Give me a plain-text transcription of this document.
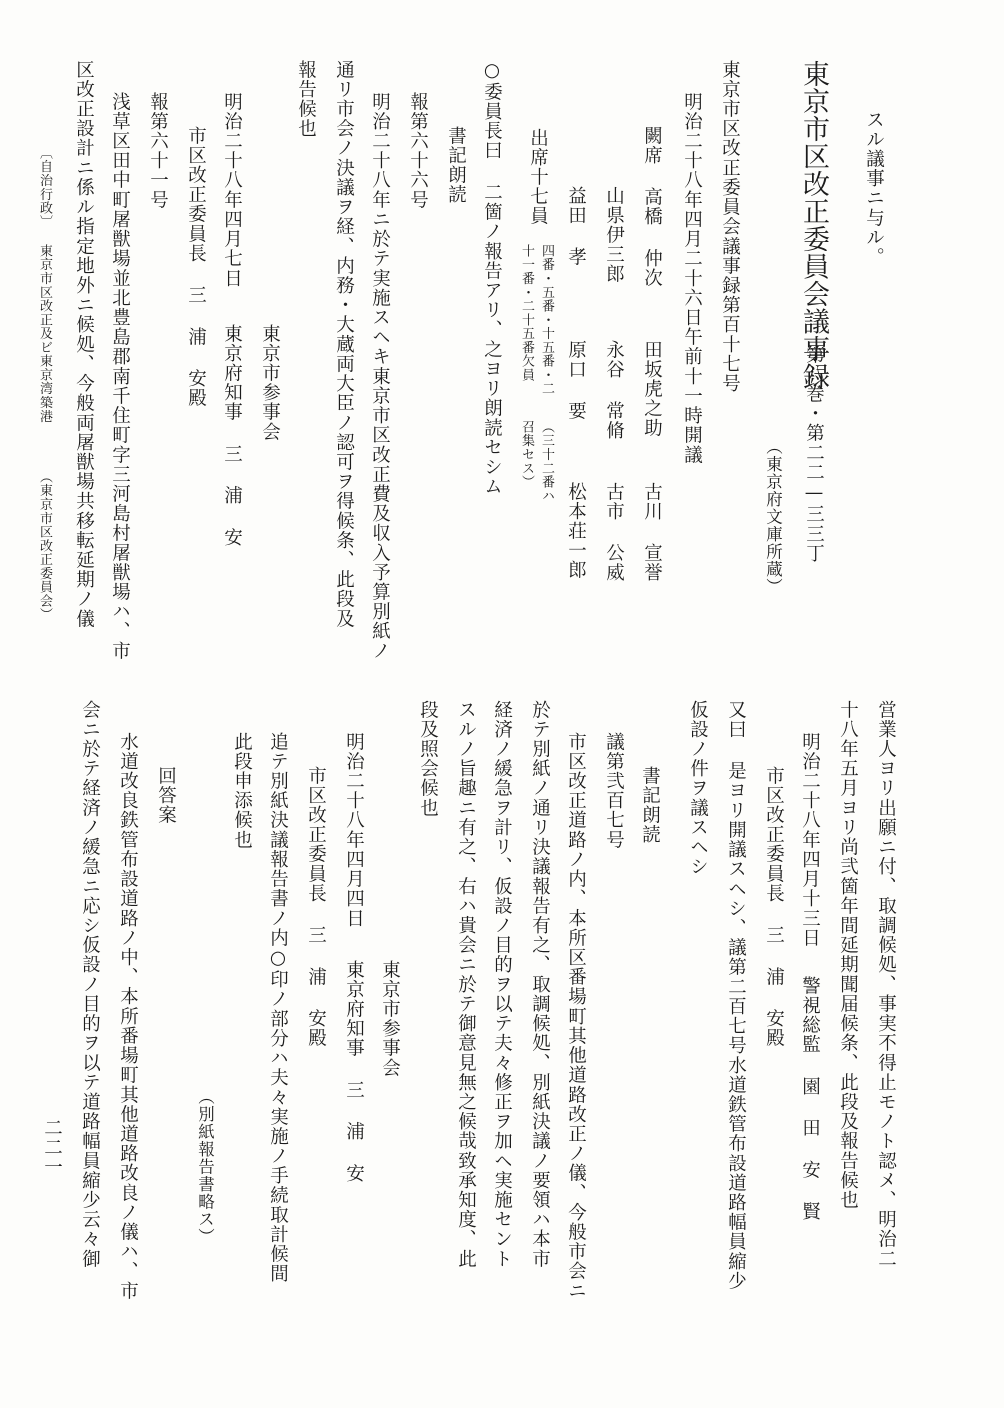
スル議事ニ与ル。
東京市区改正委員会議事録
第八巻・第二二—三三丁
（東京府文庫所蔵）
東京市区改正委員会議事録第百十七号
明治二十八年四月二十六日午前十一時開議
闕席 高橋 仲次
田坂虎之助
古川 宣誉
山県伊三郎
永谷 常脩
古市 公威
益田 孝
原口 要
松本荘一郎
出席十七員
四番・五番・十五番・二
十一番・二十五番欠員
（三十二番ハ
召集セス）
○委員長曰 二箇ノ報告アリ、之ヨリ朗読セシム
書記朗読
報第六十六号
明治二十八年ニ於テ実施スヘキ東京市区改正費及収入予算別紙ノ
通リ市会ノ決議ヲ経、内務・大蔵両大臣ノ認可ヲ得候条、此段及
報告候也
東京市参事会
明治二十八年四月七日
東京府知事 三 浦 安
市区改正委員長 三 浦 安殿
報第六十一号
浅草区田中町屠獣場並北豊島郡南千住町字三河島村屠獣場ハ、市
区改正設計ニ係ル指定地外ニ候処、今般両屠獣場共移転延期ノ儀
〔自治行政〕
東京市区改正及ビ東京湾築港
（東京市区改正委員会）
営業人ヨリ出願ニ付、取調候処、事実不得止モノト認メ、明治二
十八年五月ヨリ尚弐箇年間延期聞届候条、此段及報告候也
明治二十八年四月十三日
警視総監 園 田 安 賢
市区改正委員長 三 浦 安殿
又曰 是ヨリ開議スヘシ、議第二百七号水道鉄管布設道路幅員縮少
仮設ノ件ヲ議スヘシ
書記朗読
議第弐百七号
市区改正道路ノ内、本所区番場町其他道路改正ノ儀、今般市会ニ
於テ別紙ノ通リ決議報告有之、取調候処、別紙決議ノ要領ハ本市
経済ノ緩急ヲ計リ、仮設ノ目的ヲ以テ夫々修正ヲ加ヘ実施セント
スルノ旨趣ニ有之、右ハ貴会ニ於テ御意見無之候哉致承知度、此
段及照会候也
東京市参事会
明治二十八年四月四日
東京府知事 三 浦 安
市区改正委員長 三 浦 安殿
追テ別紙決議報告書ノ内○印ノ部分ハ夫々実施ノ手続取計候間
此段申添候也
（別紙報告書略ス）
回答案
水道改良鉄管布設道路ノ中、本所番場町其他道路改良ノ儀ハ、市
会ニ於テ経済ノ緩急ニ応シ仮設ノ目的ヲ以テ道路幅員縮少云々御
二二一
